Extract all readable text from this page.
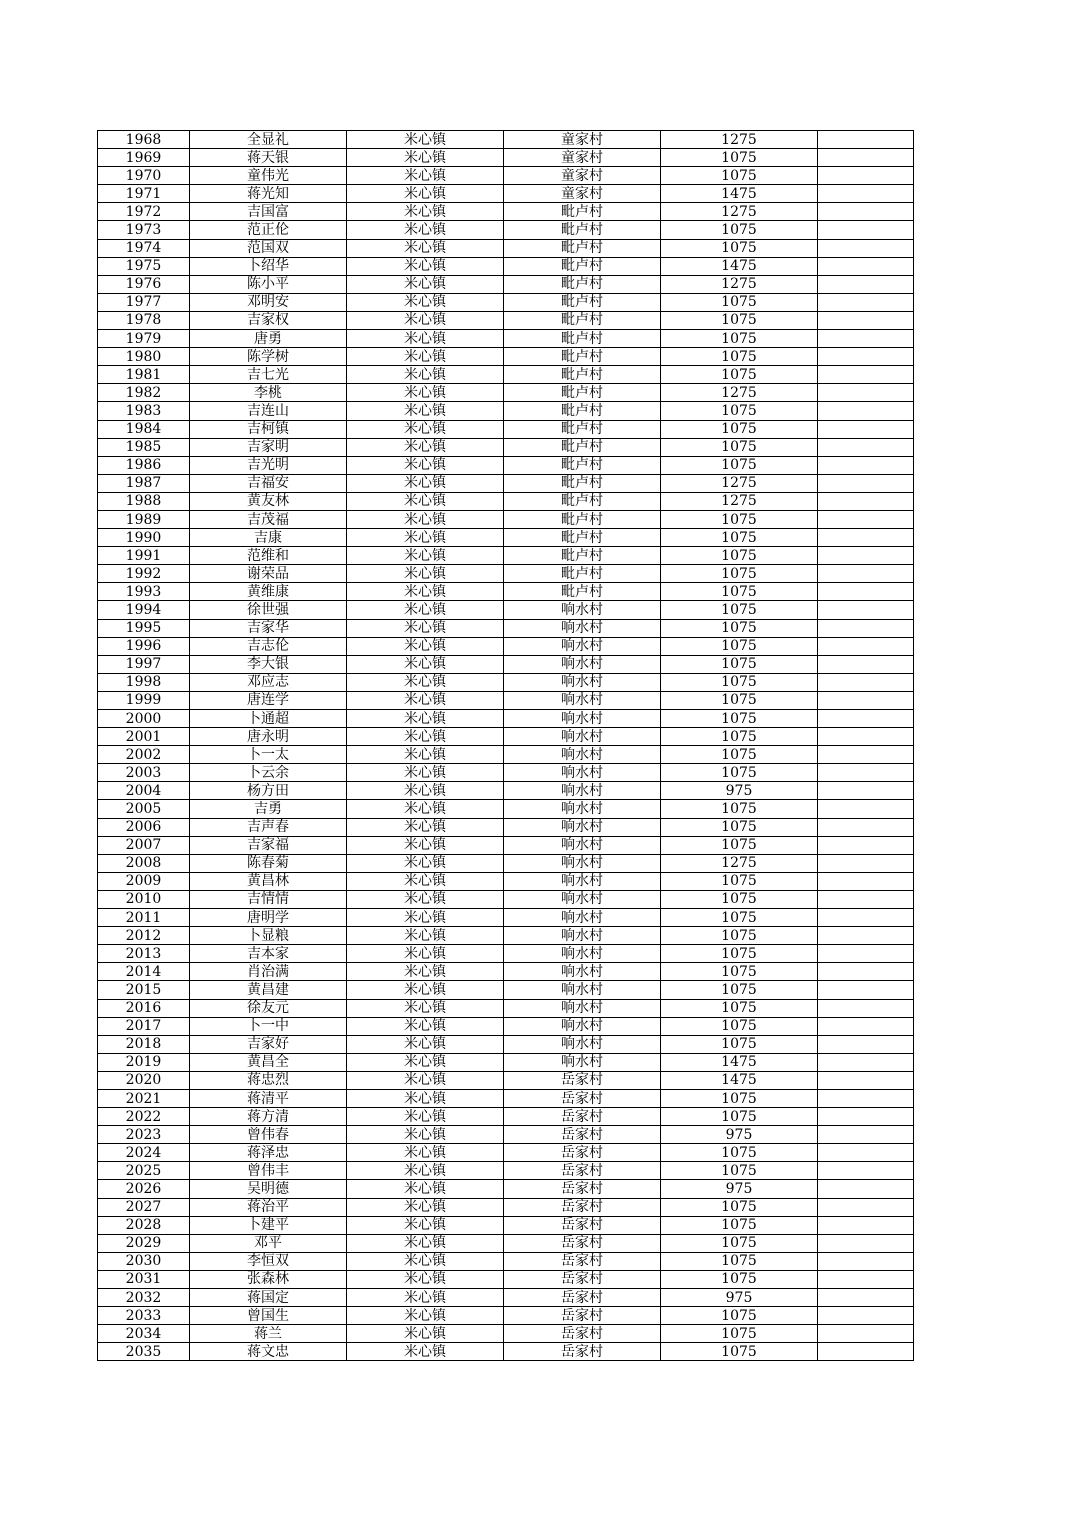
1968	全显礼	米心镇	童家村	1275	
1969	蒋天银	米心镇	童家村	1075	
1970	童伟光	米心镇	童家村	1075	
1971	蒋光知	米心镇	童家村	1475	
1972	吉国富	米心镇	毗卢村	1275	
1973	范正伦	米心镇	毗卢村	1075	
1974	范国双	米心镇	毗卢村	1075	
1975	卜绍华	米心镇	毗卢村	1475	
1976	陈小平	米心镇	毗卢村	1275	
1977	邓明安	米心镇	毗卢村	1075	
1978	吉家权	米心镇	毗卢村	1075	
1979	唐勇	米心镇	毗卢村	1075	
1980	陈学树	米心镇	毗卢村	1075	
1981	吉七光	米心镇	毗卢村	1075	
1982	李桃	米心镇	毗卢村	1275	
1983	吉连山	米心镇	毗卢村	1075	
1984	吉柯镇	米心镇	毗卢村	1075	
1985	吉家明	米心镇	毗卢村	1075	
1986	吉光明	米心镇	毗卢村	1075	
1987	吉福安	米心镇	毗卢村	1275	
1988	黄友林	米心镇	毗卢村	1275	
1989	吉茂福	米心镇	毗卢村	1075	
1990	吉康	米心镇	毗卢村	1075	
1991	范维和	米心镇	毗卢村	1075	
1992	谢荣品	米心镇	毗卢村	1075	
1993	黄维康	米心镇	毗卢村	1075	
1994	徐世强	米心镇	响水村	1075	
1995	吉家华	米心镇	响水村	1075	
1996	吉志伦	米心镇	响水村	1075	
1997	李大银	米心镇	响水村	1075	
1998	邓应志	米心镇	响水村	1075	
1999	唐连学	米心镇	响水村	1075	
2000	卜通超	米心镇	响水村	1075	
2001	唐永明	米心镇	响水村	1075	
2002	卜一太	米心镇	响水村	1075	
2003	卜云余	米心镇	响水村	1075	
2004	杨方田	米心镇	响水村	975	
2005	吉勇	米心镇	响水村	1075	
2006	吉声春	米心镇	响水村	1075	
2007	吉家福	米心镇	响水村	1075	
2008	陈春菊	米心镇	响水村	1275	
2009	黄昌林	米心镇	响水村	1075	
2010	吉情情	米心镇	响水村	1075	
2011	唐明学	米心镇	响水村	1075	
2012	卜显粮	米心镇	响水村	1075	
2013	吉本家	米心镇	响水村	1075	
2014	肖治满	米心镇	响水村	1075	
2015	黄昌建	米心镇	响水村	1075	
2016	徐友元	米心镇	响水村	1075	
2017	卜一中	米心镇	响水村	1075	
2018	吉家好	米心镇	响水村	1075	
2019	黄昌全	米心镇	响水村	1475	
2020	蒋忠烈	米心镇	岳家村	1475	
2021	蒋清平	米心镇	岳家村	1075	
2022	蒋方清	米心镇	岳家村	1075	
2023	曾伟春	米心镇	岳家村	975	
2024	蒋泽忠	米心镇	岳家村	1075	
2025	曾伟丰	米心镇	岳家村	1075	
2026	吴明德	米心镇	岳家村	975	
2027	蒋治平	米心镇	岳家村	1075	
2028	卜建平	米心镇	岳家村	1075	
2029	邓平	米心镇	岳家村	1075	
2030	李恒双	米心镇	岳家村	1075	
2031	张森林	米心镇	岳家村	1075	
2032	蒋国定	米心镇	岳家村	975	
2033	曾国生	米心镇	岳家村	1075	
2034	蒋兰	米心镇	岳家村	1075	
2035	蒋文忠	米心镇	岳家村	1075	
